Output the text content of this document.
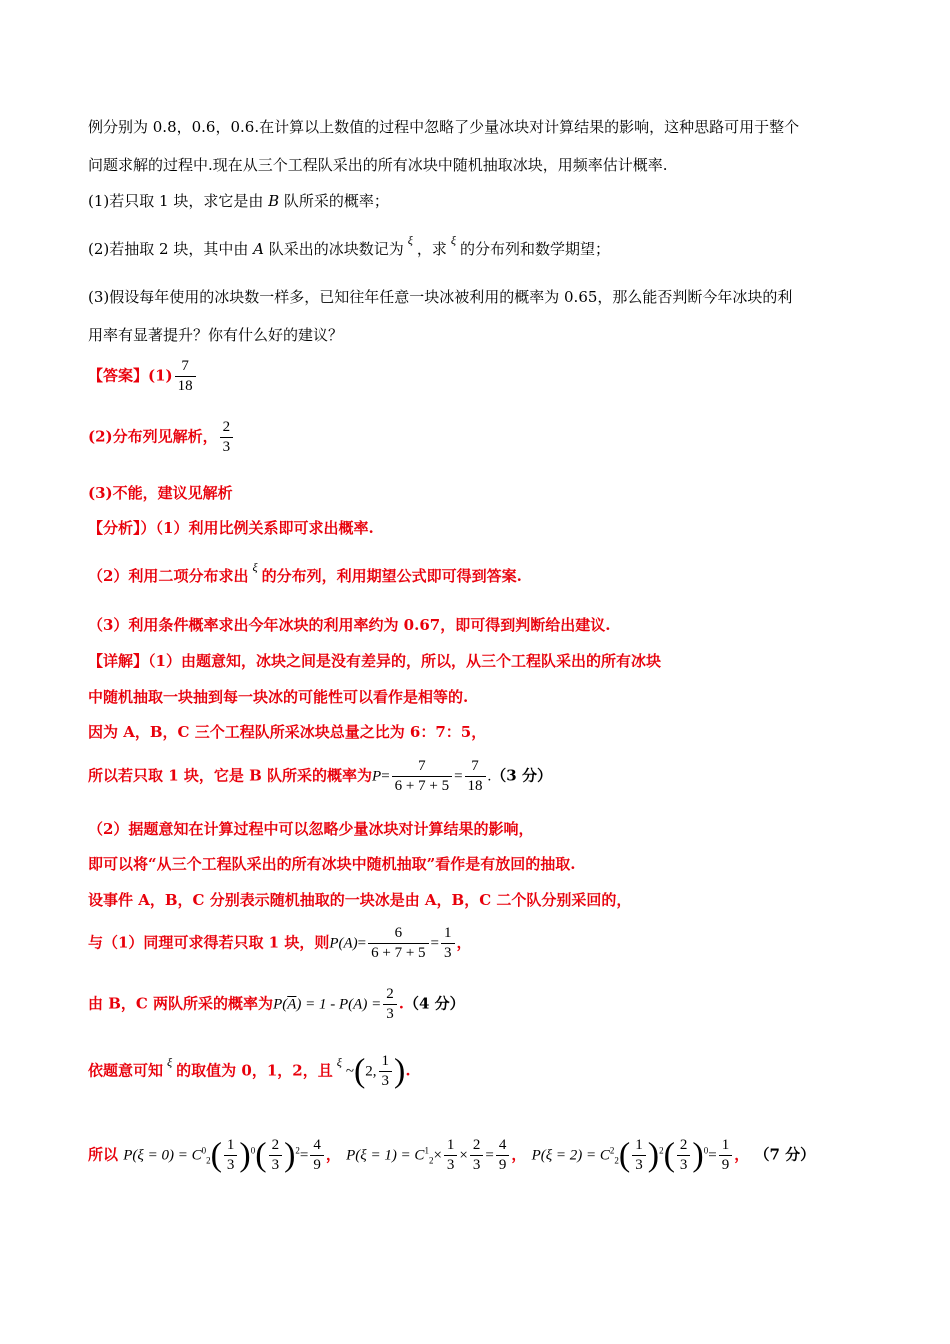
例分别为 0.8，0.6，0.6.在计算以上数值的过程中忽略了少量冰块对计算结果的影响，这种思路可用于整个
问题求解的过程中.现在从三个工程队采出的所有冰块中随机抽取冰块，用频率估计概率.
(1)若只取 1 块，求它是由 B 队所采的概率；
(2)若抽取 2 块，其中由 A 队采出的冰块数记为 $^\xi$ ，求 $^\xi$ 的分布列和数学期望；
(3)假设每年使用的冰块数一样多，已知往年任意一块冰被利用的概率为 0.65，那么能否判断今年冰块的利
用率有显著提升？你有什么好的建议？
【答案】$(1) \frac{7}{18}$
(2)分布列见解析， $\frac{2}{3}$
(3)不能，建议见解析
【分析】）（1）利用比例关系即可求出概率.
（2）利用二项分布求出 $^\xi$ 的分布列，利用期望公式即可得到答案.
（3）利用条件概率求出今年冰块的利用率约为 0.67，即可得到判断给出建议.
【详解】（1）由题意知，冰块之间是没有差异的，所以，从三个工程队采出的所有冰块
中随机抽取一块抽到每一块冰的可能性可以看作是相等的.
因为 A，B，C 三个工程队所采冰块总量之比为 6：7：5，
所以若只取 1 块，它是 B 队所采的概率为$P= \frac{7}{6 + 7 + 5} = \frac{7}{18} .(3$ 分）
（2）据题意知在计算过程中可以忽略少量冰块对计算结果的影响，
即可以将“从三个工程队采出的所有冰块中随机抽取”看作是有放回的抽取.
设事件 A，B，C 分别表示随机抽取的一块冰是由 A，B，C 二个队分别采回的，
与（1）同理可求得若只取 1 块，则$P(A)= \frac{6}{6 + 7 + 5} = \frac{1}{3}$ ，
由 B，C 两队所采的概率为$P(\overline{A}) = 1 - P(A) = \frac{2}{3} .(4$ 分）
依题意可知 $^\xi$ 的取值为 0，1，2，且 $^\xi$~(2, $\frac{1}{3}$ ).
所以 $P(\xi = 0) = C^0_2( \frac{1}{3} )^0( \frac{2}{3} )^2= \frac{4}{9}$ ， $P(\xi = 1) = C^1_2\times \frac{1}{3} \times \frac{2}{3} = \frac{4}{9}$ ， $P(\xi = 2) = C^2_2( \frac{1}{3} )^2( \frac{2}{3} )^0= \frac{1}{9}$ ， （7 分）
